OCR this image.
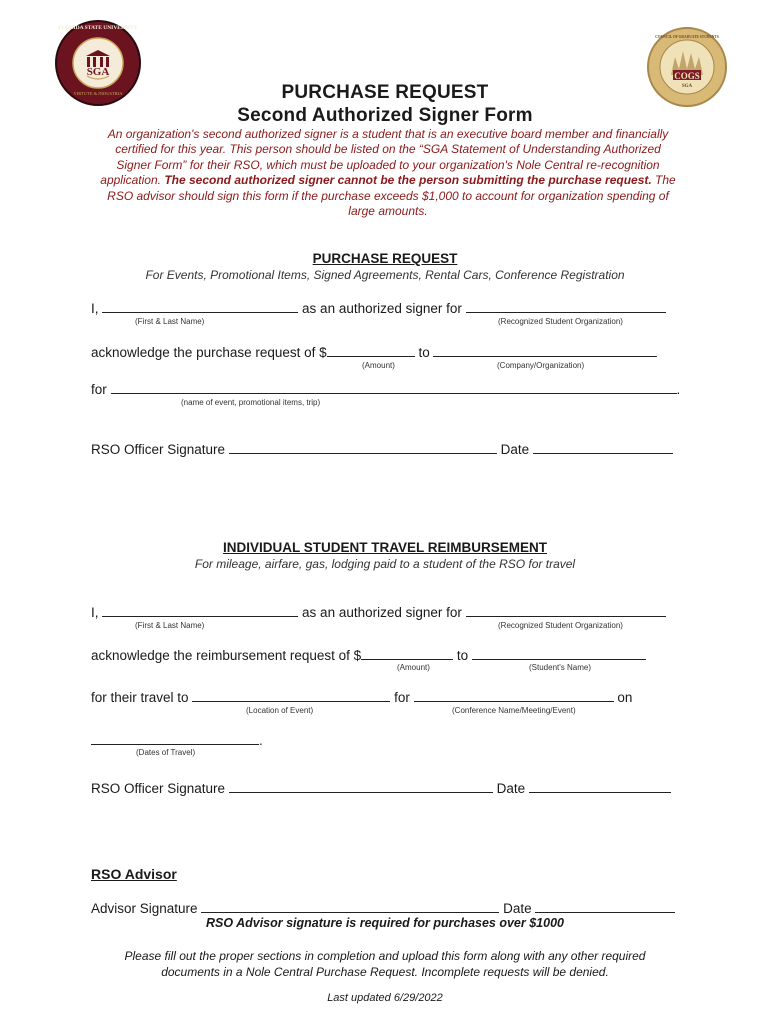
SGA
FLORIDA STATE UNIVERSITY
VIRTUTE & INDUSTRIA
COGS
COUNCIL OF GRADUATE STUDENTS
SGA
PURCHASE REQUEST
Second Authorized Signer Form
An organization's second authorized signer is a student that is an executive board member and financially certified for this year. This person should be listed on the “SGA Statement of Understanding Authorized Signer Form” for their RSO, which must be uploaded to your organization's Nole Central re-recognition application. The second authorized signer cannot be the person submitting the purchase request. The RSO advisor should sign this form if the purchase exceeds $1,000 to account for organization spending of large amounts.
PURCHASE REQUEST
For Events, Promotional Items, Signed Agreements, Rental Cars, Conference Registration
I,	as an authorized signer for
(First & Last Name)	(Recognized Student Organization)
acknowledge the purchase request of $	to
(Amount)	(Company/Organization)
for	.
(name of event, promotional items, trip)
RSO Officer Signature	Date
INDIVIDUAL STUDENT TRAVEL REIMBURSEMENT
For mileage, airfare, gas, lodging paid to a student of the RSO for travel
I,	as an authorized signer for
(First & Last Name)	(Recognized Student Organization)
acknowledge the reimbursement request of $	to
(Amount)	(Student's Name)
for their travel to	for	on
(Location of Event)	(Conference Name/Meeting/Event)
.
(Dates of Travel)
RSO Officer Signature	Date
RSO Advisor
Advisor Signature	Date
RSO Advisor signature is required for purchases over $1000
Please fill out the proper sections in completion and upload this form along with any other required documents in a Nole Central Purchase Request. Incomplete requests will be denied.
Last updated 6/29/2022
